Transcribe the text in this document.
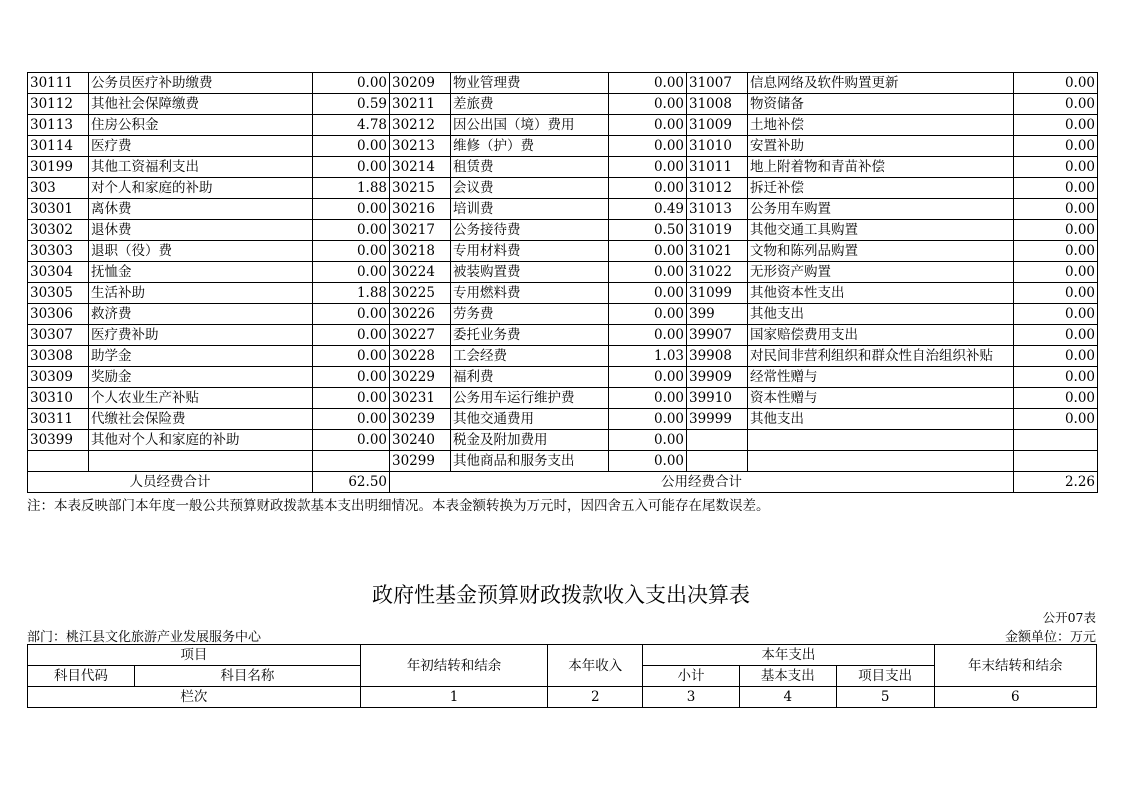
30111	公务员医疗补助缴费	0.00	30209	物业管理费	0.00	31007	信息网络及软件购置更新	0.00
30112	其他社会保障缴费	0.59	30211	差旅费	0.00	31008	物资储备	0.00
30113	住房公积金	4.78	30212	因公出国（境）费用	0.00	31009	土地补偿	0.00
30114	医疗费	0.00	30213	维修（护）费	0.00	31010	安置补助	0.00
30199	其他工资福利支出	0.00	30214	租赁费	0.00	31011	地上附着物和青苗补偿	0.00
303	对个人和家庭的补助	1.88	30215	会议费	0.00	31012	拆迁补偿	0.00
30301	离休费	0.00	30216	培训费	0.49	31013	公务用车购置	0.00
30302	退休费	0.00	30217	公务接待费	0.50	31019	其他交通工具购置	0.00
30303	退职（役）费	0.00	30218	专用材料费	0.00	31021	文物和陈列品购置	0.00
30304	抚恤金	0.00	30224	被装购置费	0.00	31022	无形资产购置	0.00
30305	生活补助	1.88	30225	专用燃料费	0.00	31099	其他资本性支出	0.00
30306	救济费	0.00	30226	劳务费	0.00	399	其他支出	0.00
30307	医疗费补助	0.00	30227	委托业务费	0.00	39907	国家赔偿费用支出	0.00
30308	助学金	0.00	30228	工会经费	1.03	39908	对民间非营利组织和群众性自治组织补贴	0.00
30309	奖励金	0.00	30229	福利费	0.00	39909	经常性赠与	0.00
30310	个人农业生产补贴	0.00	30231	公务用车运行维护费	0.00	39910	资本性赠与	0.00
30311	代缴社会保险费	0.00	30239	其他交通费用	0.00	39999	其他支出	0.00
30399	其他对个人和家庭的补助	0.00	30240	税金及附加费用	0.00			
			30299	其他商品和服务支出	0.00			
人员经费合计		62.50	公用经费合计					2.26
注：本表反映部门本年度一般公共预算财政拨款基本支出明细情况。本表金额转换为万元时，因四舍五入可能存在尾数误差。
政府性基金预算财政拨款收入支出决算表
公开07表
部门：桃江县文化旅游产业发展服务中心	金额单位：万元
项目		年初结转和结余	本年收入	本年支出			年末结转和结余
科目代码	科目名称			小计	基本支出	项目支出	
栏次		1	2	3	4	5	6
